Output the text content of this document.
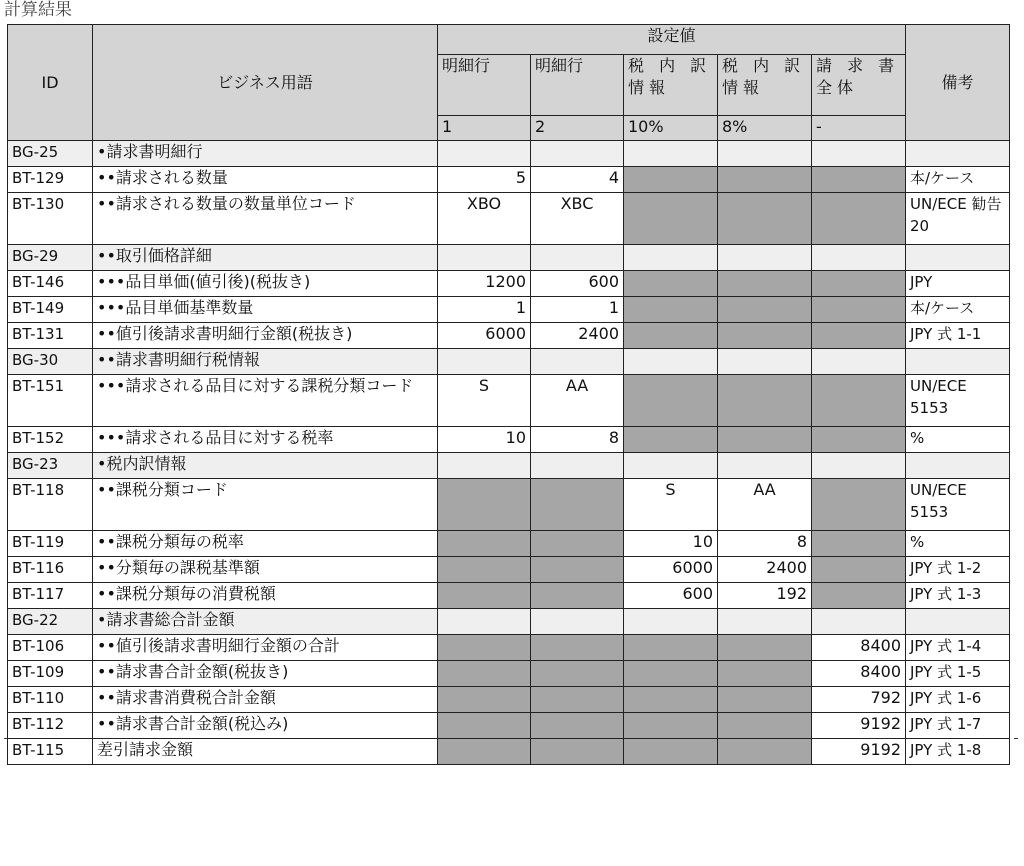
計算結果
ID	ビジネス用語	設定値					備考
		明細行	明細行	税 内 訳 情報	税 内 訳 情報	請 求 書 全体	
		1	2	10%	8%	-	
BG-25	•請求書明細行						
BT-129	••請求される数量	5	4				本/ケース
BT-130	••請求される数量の数量単位コード	XBO	XBC				UN/ECE 勧告 20
BG-29	••取引価格詳細						
BT-146	•••品目単価(値引後)(税抜き)	1200	600				JPY
BT-149	•••品目単価基準数量	1	1				本/ケース
BT-131	••値引後請求書明細行金額(税抜き)	6000	2400				JPY 式 1-1
BG-30	••請求書明細行税情報						
BT-151	•••請求される品目に対する課税分類コード	S	AA				UN/ECE 5153
BT-152	•••請求される品目に対する税率	10	8				%
BG-23	•税内訳情報						
BT-118	••課税分類コード			S	AA		UN/ECE 5153
BT-119	••課税分類毎の税率			10	8		%
BT-116	••分類毎の課税基準額			6000	2400		JPY 式 1-2
BT-117	••課税分類毎の消費税額			600	192		JPY 式 1-3
BG-22	•請求書総合計金額						
BT-106	••値引後請求書明細行金額の合計					8400	JPY 式 1-4
BT-109	••請求書合計金額(税抜き)					8400	JPY 式 1-5
BT-110	••請求書消費税合計金額					792	JPY 式 1-6
BT-112	••請求書合計金額(税込み)					9192	JPY 式 1-7
BT-115	差引請求金額					9192	JPY 式 1-8
